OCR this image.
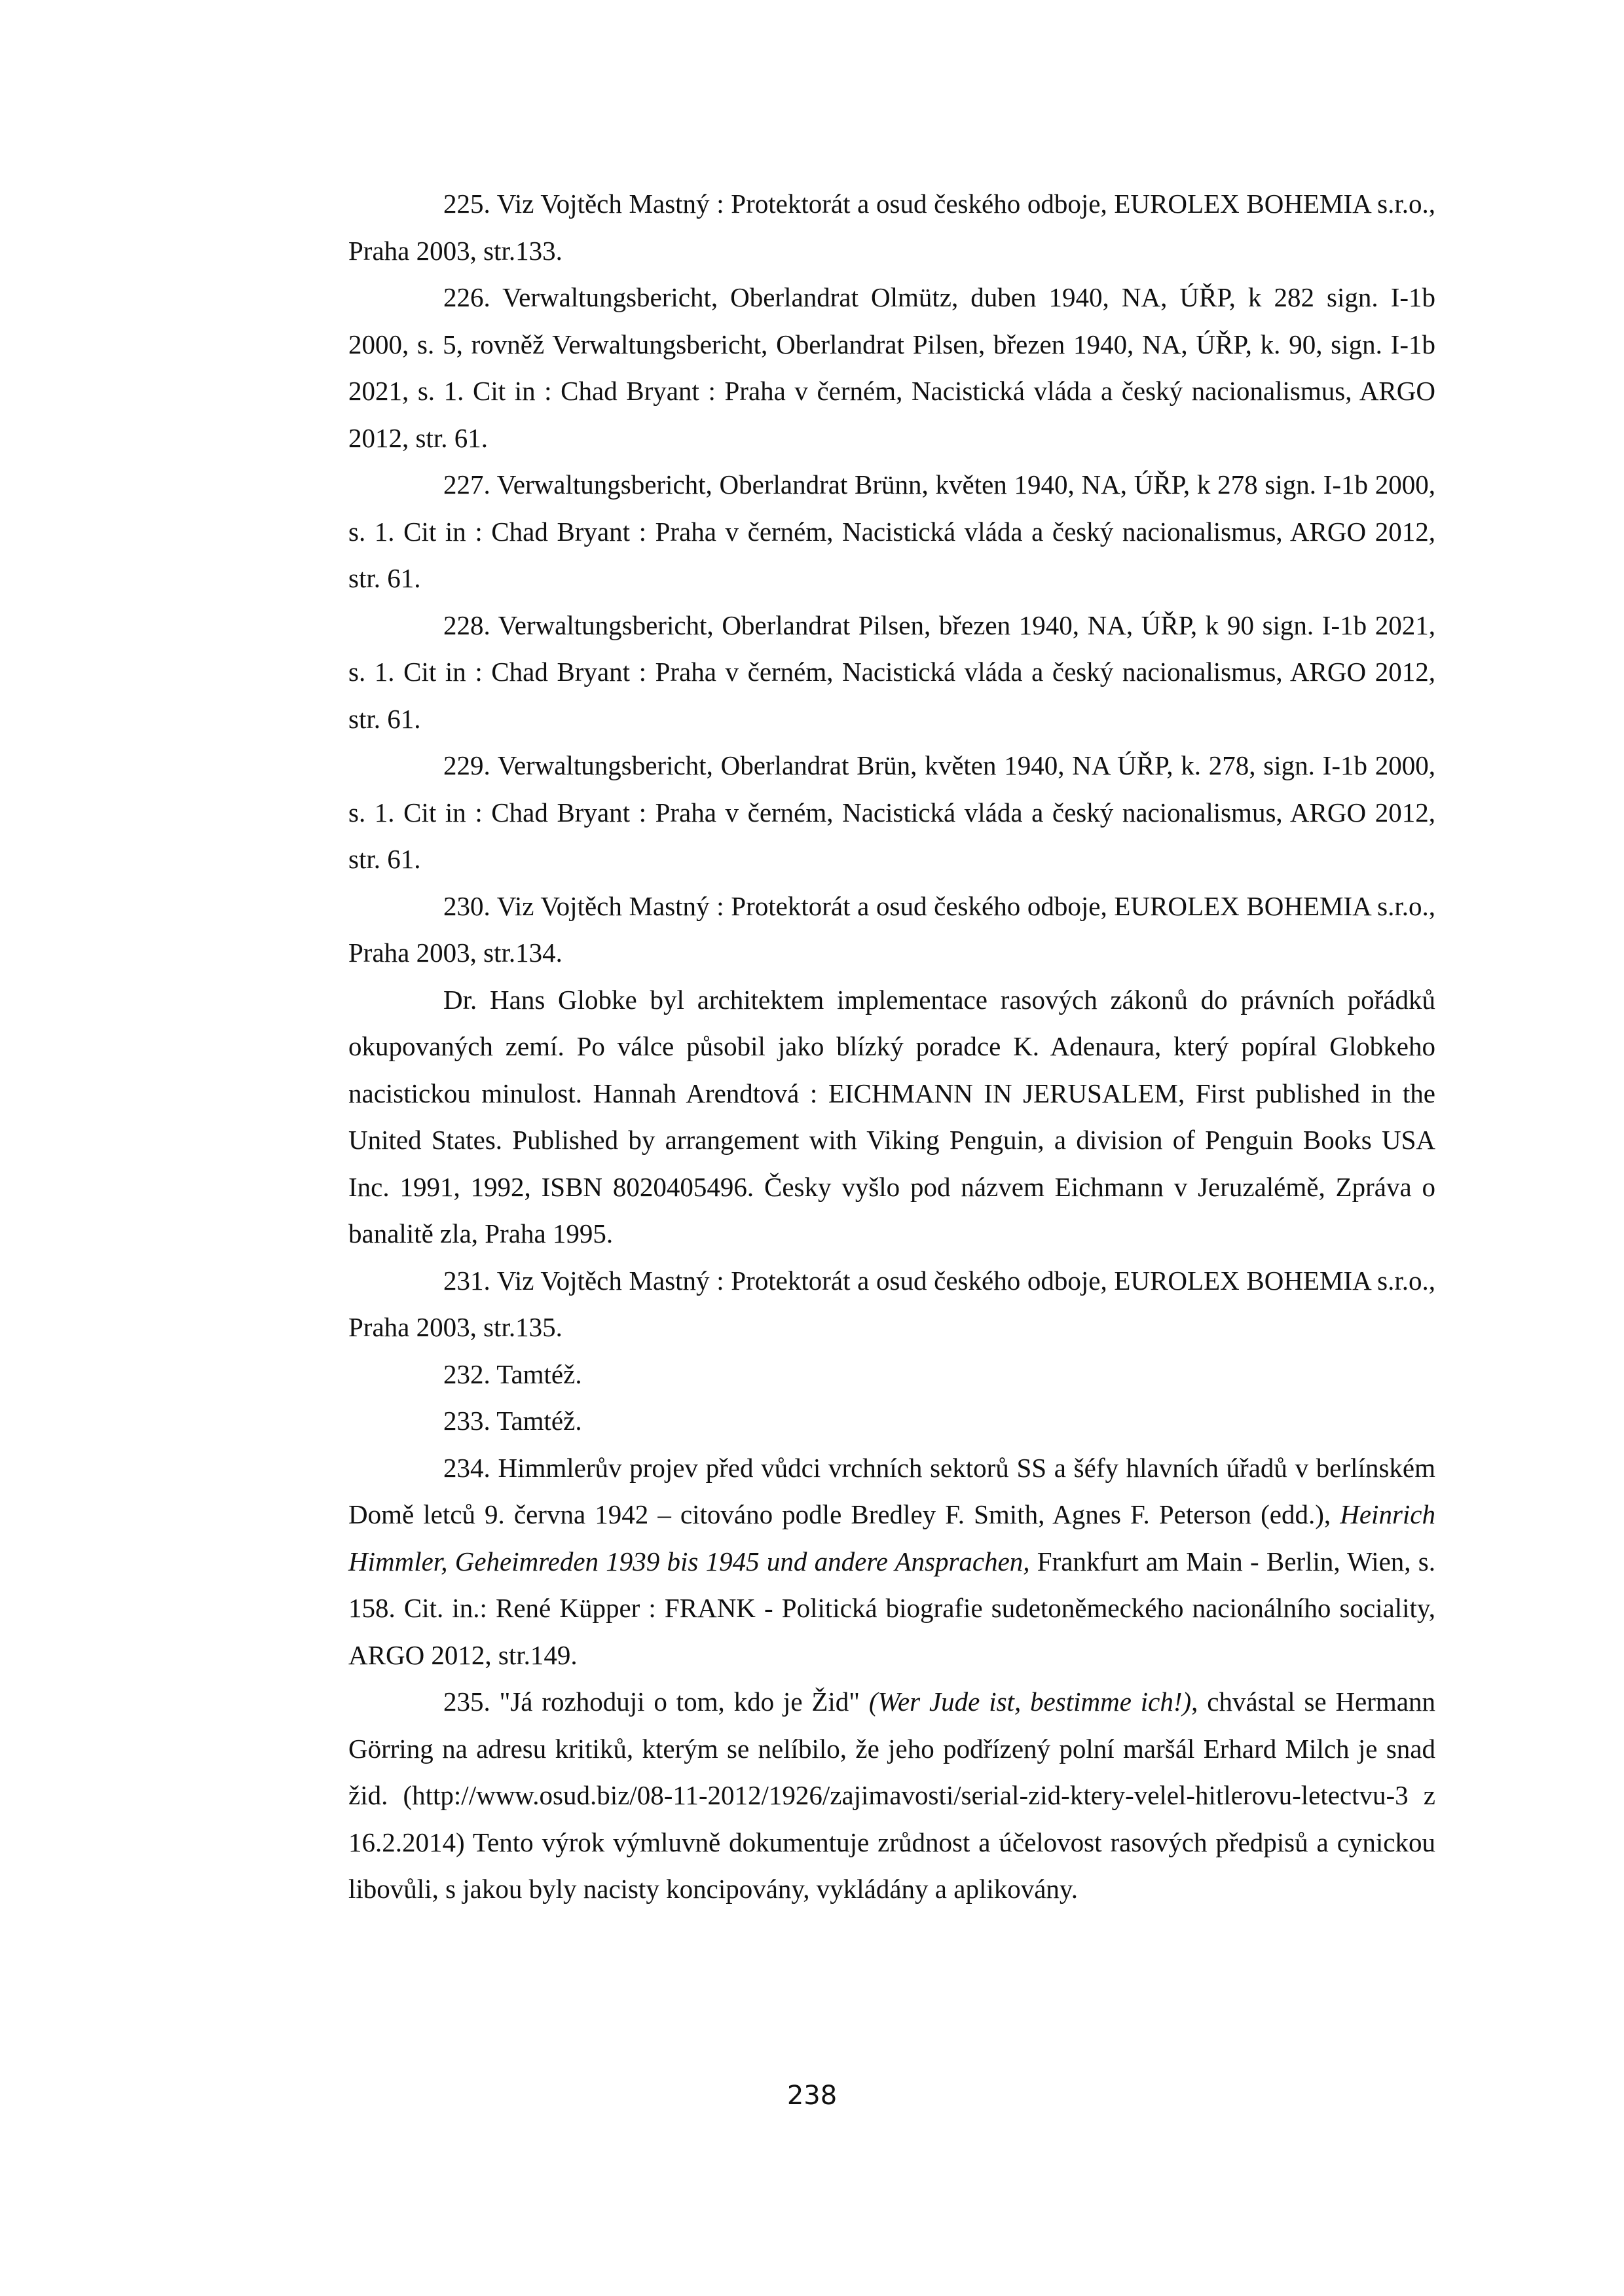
225. Viz Vojtěch Mastný : Protektorát a osud českého odboje, EUROLEX BOHEMIA s.r.o., Praha 2003, str.133.

226. Verwaltungsbericht, Oberlandrat Olmütz, duben 1940, NA, ÚŘP, k 282 sign. I-1b 2000, s. 5, rovněž Verwaltungsbericht, Oberlandrat Pilsen, březen 1940, NA, ÚŘP, k. 90, sign. I-1b 2021, s. 1. Cit in : Chad Bryant : Praha v černém, Nacistická vláda a český nacionalismus, ARGO 2012, str. 61.

227. Verwaltungsbericht, Oberlandrat Brünn, květen 1940, NA, ÚŘP, k 278 sign. I-1b 2000, s. 1. Cit in : Chad Bryant : Praha v černém, Nacistická vláda a český nacionalismus, ARGO 2012, str. 61.

228. Verwaltungsbericht, Oberlandrat Pilsen, březen 1940, NA, ÚŘP, k 90 sign. I-1b 2021, s. 1. Cit in : Chad Bryant : Praha v černém, Nacistická vláda a český nacionalismus, ARGO 2012, str. 61.

229. Verwaltungsbericht, Oberlandrat Brün, květen 1940, NA ÚŘP, k. 278, sign. I-1b 2000, s. 1. Cit in : Chad Bryant : Praha v černém, Nacistická vláda a český nacionalismus, ARGO 2012, str. 61.

230. Viz Vojtěch Mastný : Protektorát a osud českého odboje, EUROLEX BOHEMIA s.r.o., Praha 2003, str.134.

Dr. Hans Globke byl architektem implementace rasových zákonů do právních pořádků okupovaných zemí. Po válce působil jako blízký poradce K. Adenaura, který popíral Globkeho nacistickou minulost. Hannah Arendtová : EICHMANN IN JERUSALEM, First published in the United States. Published by arrangement with Viking Penguin, a division of Penguin Books USA Inc. 1991, 1992, ISBN 8020405496. Česky vyšlo pod názvem Eichmann v Jeruzalémě, Zpráva o banalitě zla, Praha 1995.

231. Viz Vojtěch Mastný : Protektorát a osud českého odboje, EUROLEX BOHEMIA s.r.o., Praha 2003, str.135.

232. Tamtéž.

233. Tamtéž.

234. Himmlerův projev před vůdci vrchních sektorů SS a šéfy hlavních úřadů v berlínském Domě letců 9. června 1942 – citováno podle Bredley F. Smith, Agnes F. Peterson (edd.), Heinrich Himmler, Geheimreden 1939 bis 1945 und andere Ansprachen, Frankfurt am Main - Berlin, Wien, s. 158. Cit. in.: René Küpper : FRANK - Politická biografie sudetoněmeckého nacionálního sociality, ARGO 2012, str.149.

235. "Já rozhoduji o tom, kdo je Žid" (Wer Jude ist, bestimme ich!), chvástal se Hermann Görring na adresu kritiků, kterým se nelíbilo, že jeho podřízený polní maršál Erhard Milch je snad žid. (http://www.osud.biz/08-11-2012/1926/zajimavosti/serial-zid-ktery-velel-hitlerovu-letectvu-3 z 16.2.2014) Tento výrok výmluvně dokumentuje zrůdnost a účelovost rasových předpisů a cynickou libovůli, s jakou byly nacisty koncipovány, vykládány a aplikovány.

238
